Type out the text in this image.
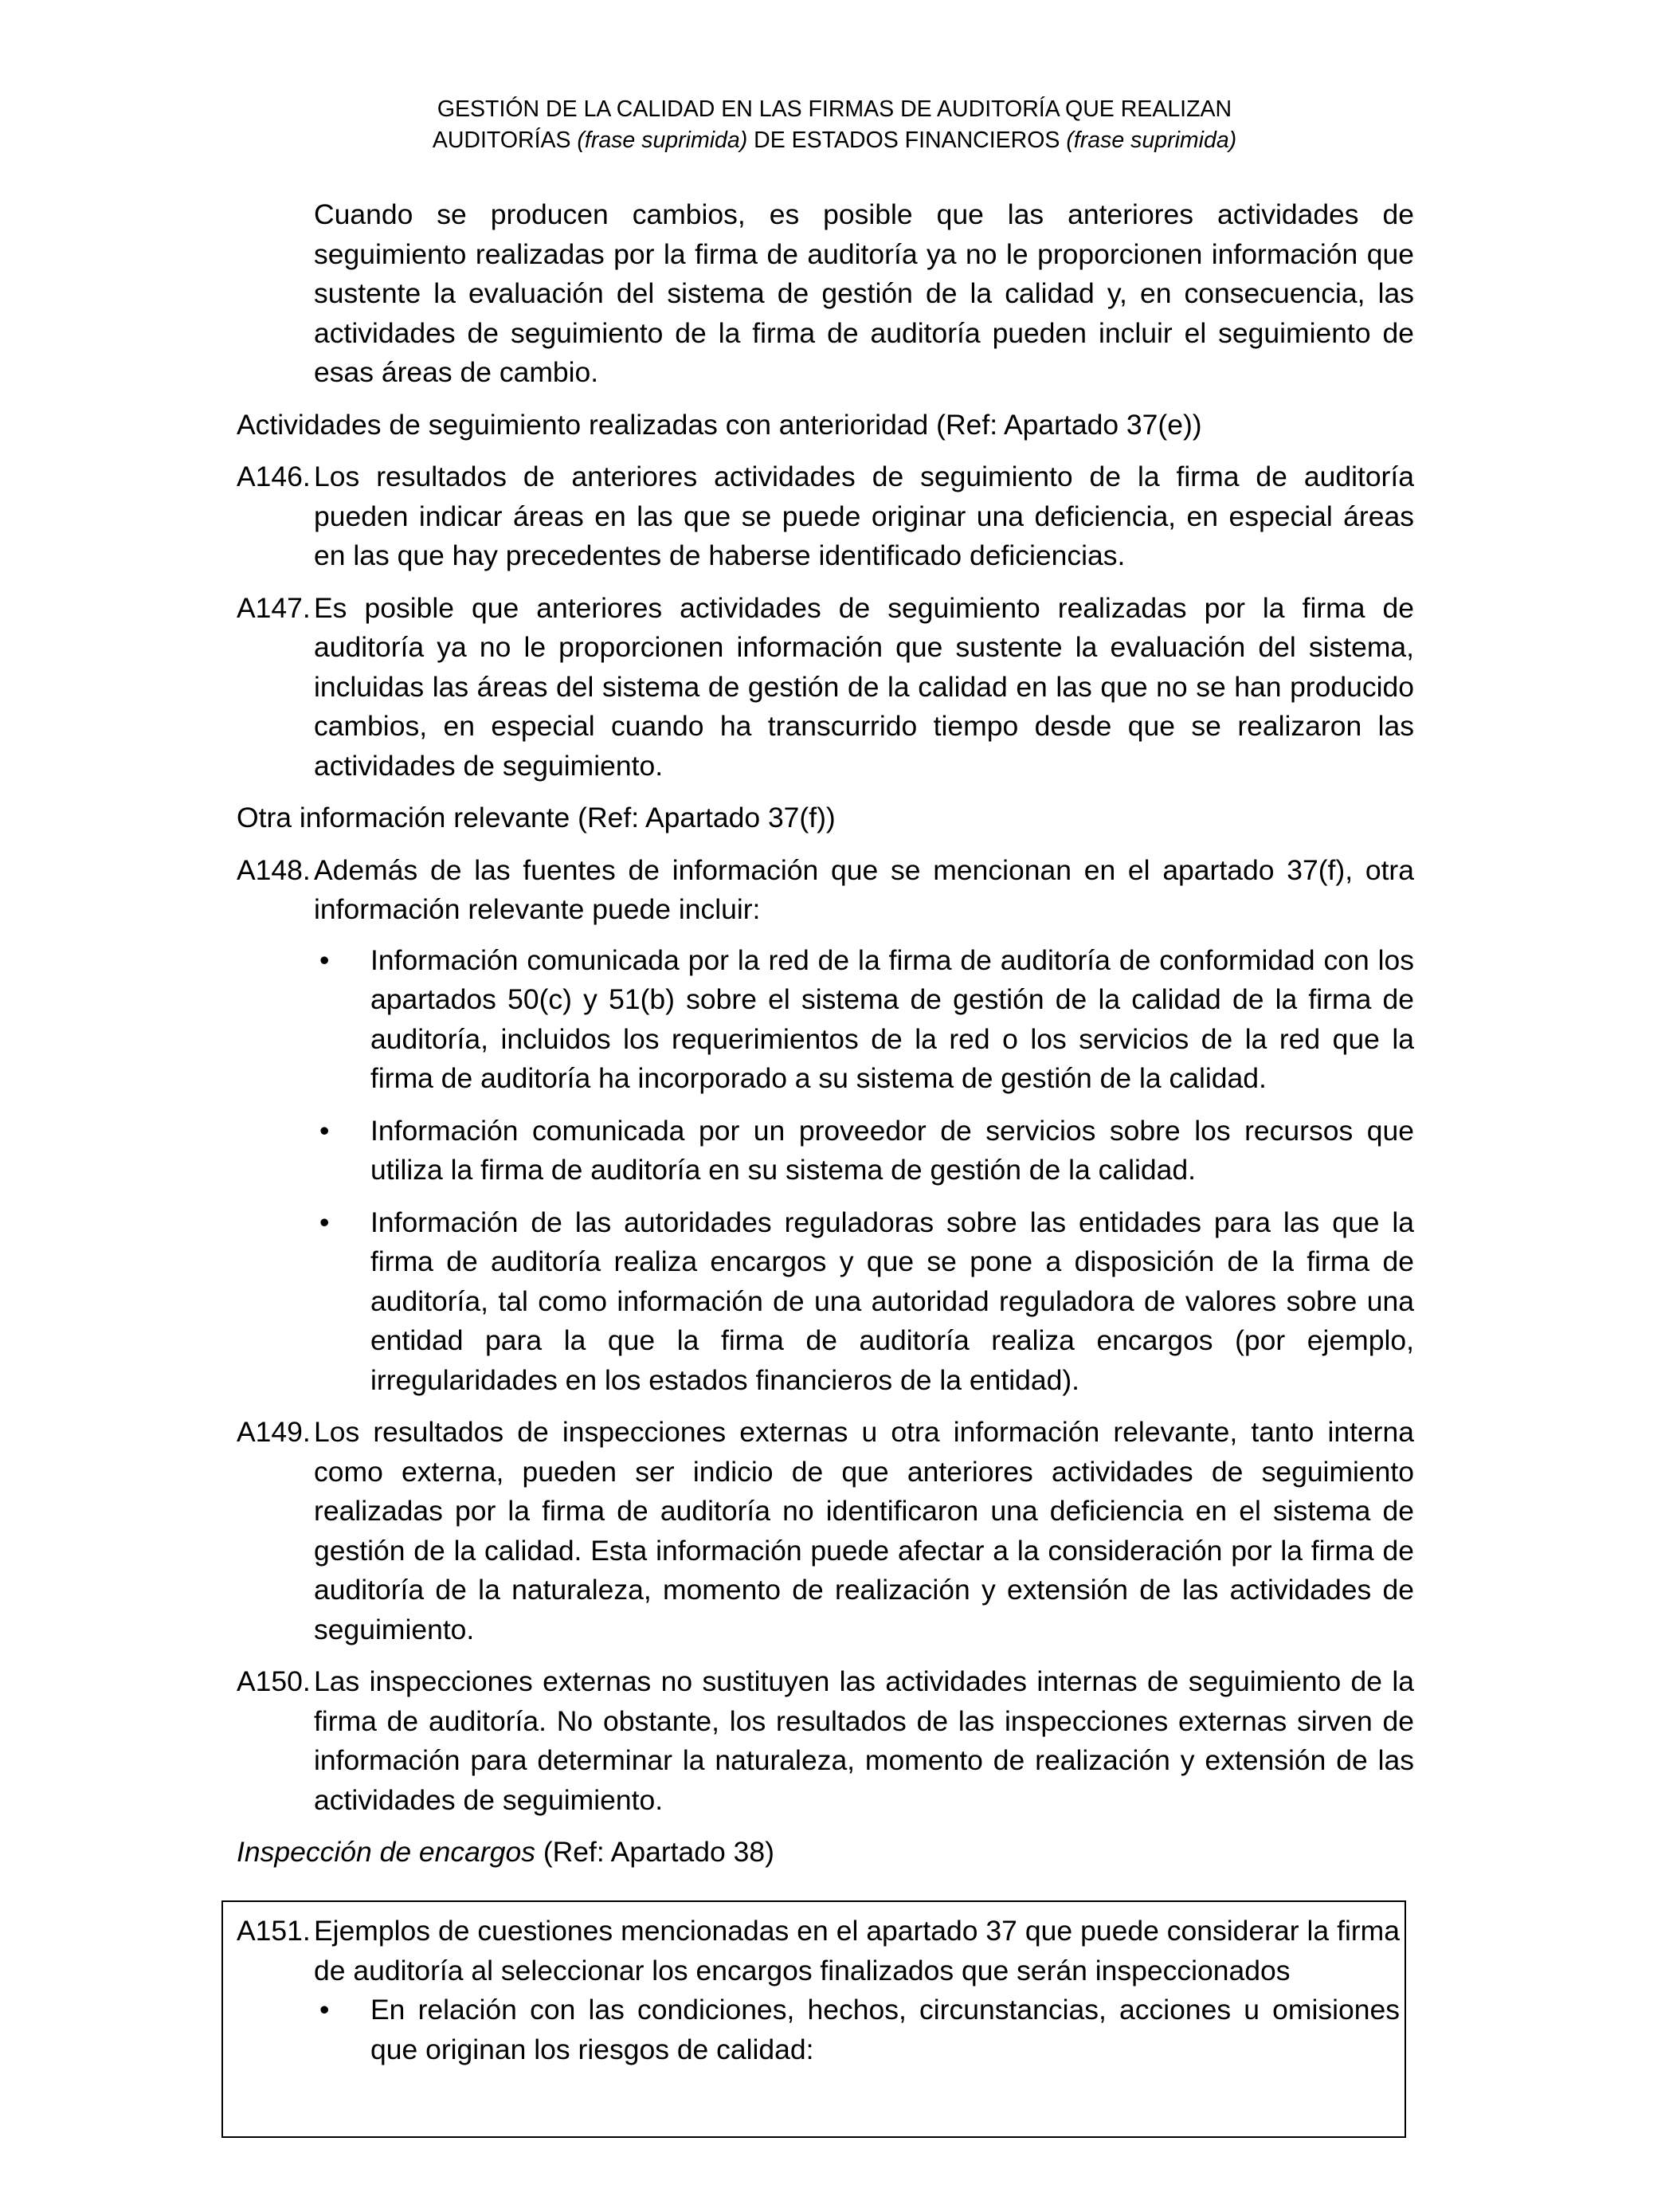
GESTIÓN DE LA CALIDAD EN LAS FIRMAS DE AUDITORÍA QUE REALIZAN
AUDITORÍAS (frase suprimida) DE ESTADOS FINANCIEROS (frase suprimida)
Cuando se producen cambios, es posible que las anteriores actividades de seguimiento realizadas por la firma de auditoría ya no le proporcionen información que sustente la evaluación del sistema de gestión de la calidad y, en consecuencia, las actividades de seguimiento de la firma de auditoría pueden incluir el seguimiento de esas áreas de cambio.
Actividades de seguimiento realizadas con anterioridad (Ref: Apartado 37(e))
A146. Los resultados de anteriores actividades de seguimiento de la firma de auditoría pueden indicar áreas en las que se puede originar una deficiencia, en especial áreas en las que hay precedentes de haberse identificado deficiencias.
A147. Es posible que anteriores actividades de seguimiento realizadas por la firma de auditoría ya no le proporcionen información que sustente la evaluación del sistema, incluidas las áreas del sistema de gestión de la calidad en las que no se han producido cambios, en especial cuando ha transcurrido tiempo desde que se realizaron las actividades de seguimiento.
Otra información relevante (Ref: Apartado 37(f))
A148. Además de las fuentes de información que se mencionan en el apartado 37(f), otra información relevante puede incluir:
• Información comunicada por la red de la firma de auditoría de conformidad con los apartados 50(c) y 51(b) sobre el sistema de gestión de la calidad de la firma de auditoría, incluidos los requerimientos de la red o los servicios de la red que la firma de auditoría ha incorporado a su sistema de gestión de la calidad.
• Información comunicada por un proveedor de servicios sobre los recursos que utiliza la firma de auditoría en su sistema de gestión de la calidad.
• Información de las autoridades reguladoras sobre las entidades para las que la firma de auditoría realiza encargos y que se pone a disposición de la firma de auditoría, tal como información de una autoridad reguladora de valores sobre una entidad para la que la firma de auditoría realiza encargos (por ejemplo, irregularidades en los estados financieros de la entidad).
A149. Los resultados de inspecciones externas u otra información relevante, tanto interna como externa, pueden ser indicio de que anteriores actividades de seguimiento realizadas por la firma de auditoría no identificaron una deficiencia en el sistema de gestión de la calidad. Esta información puede afectar a la consideración por la firma de auditoría de la naturaleza, momento de realización y extensión de las actividades de seguimiento.
A150. Las inspecciones externas no sustituyen las actividades internas de seguimiento de la firma de auditoría. No obstante, los resultados de las inspecciones externas sirven de información para determinar la naturaleza, momento de realización y extensión de las actividades de seguimiento.
Inspección de encargos (Ref: Apartado 38)
A151. Ejemplos de cuestiones mencionadas en el apartado 37 que puede considerar la firma de auditoría al seleccionar los encargos finalizados que serán inspeccionados
• En relación con las condiciones, hechos, circunstancias, acciones u omisiones que originan los riesgos de calidad:
